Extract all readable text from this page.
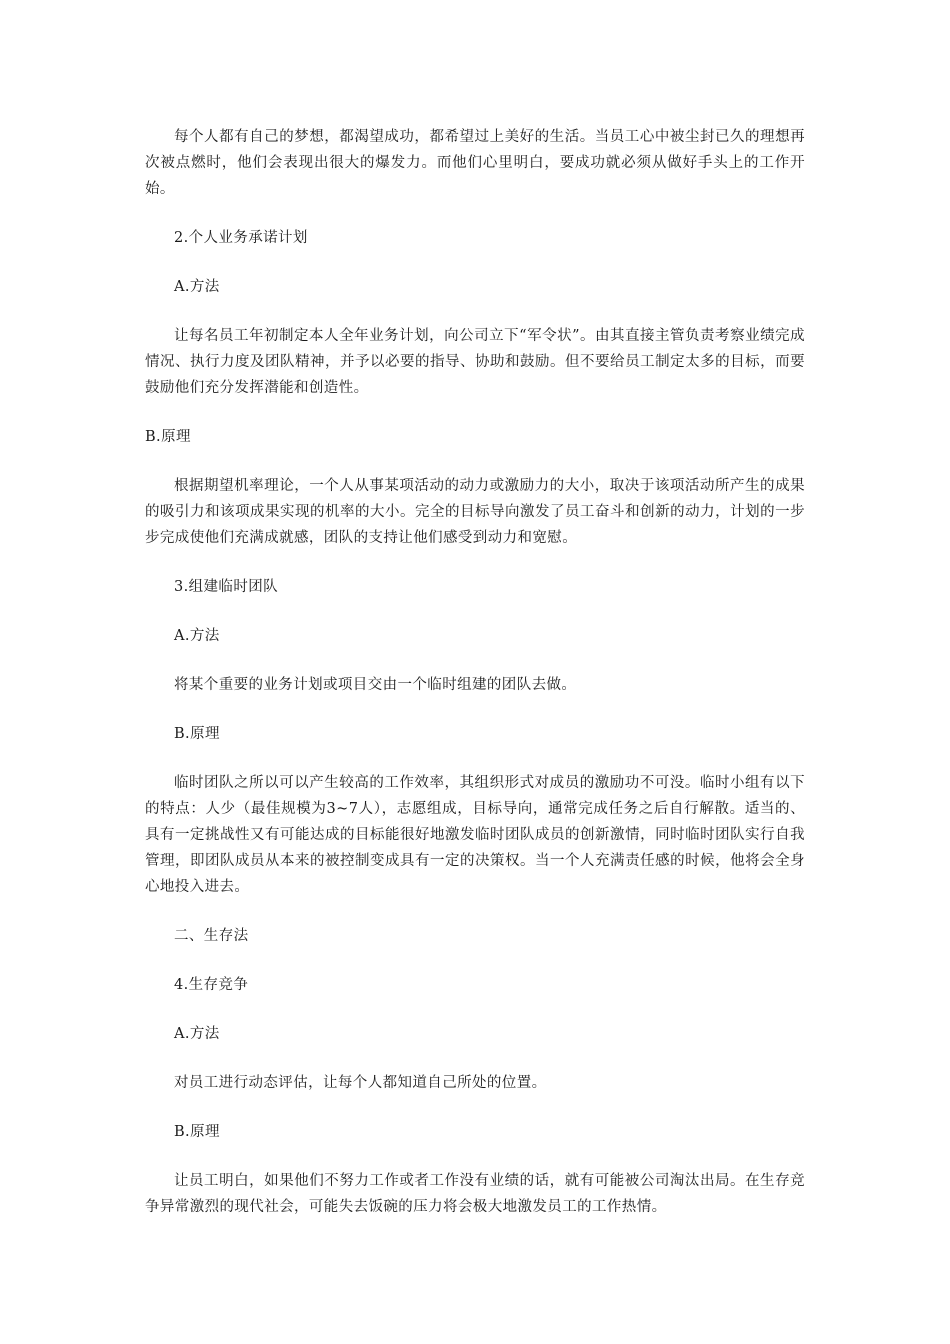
每个人都有自己的梦想，都渴望成功，都希望过上美好的生活。当员工心中被尘封已久的理想再次被点燃时，他们会表现出很大的爆发力。而他们心里明白，要成功就必须从做好手头上的工作开始。

2.个人业务承诺计划

A.方法

让每名员工年初制定本人全年业务计划，向公司立下“军令状”。由其直接主管负责考察业绩完成情况、执行力度及团队精神，并予以必要的指导、协助和鼓励。但不要给员工制定太多的目标，而要鼓励他们充分发挥潜能和创造性。

B.原理

根据期望机率理论，一个人从事某项活动的动力或激励力的大小，取决于该项活动所产生的成果的吸引力和该项成果实现的机率的大小。完全的目标导向激发了员工奋斗和创新的动力，计划的一步步完成使他们充满成就感，团队的支持让他们感受到动力和宽慰。

3.组建临时团队

A.方法

将某个重要的业务计划或项目交由一个临时组建的团队去做。

B.原理

临时团队之所以可以产生较高的工作效率，其组织形式对成员的激励功不可没。临时小组有以下的特点：人少（最佳规模为3~7人），志愿组成，目标导向，通常完成任务之后自行解散。适当的、具有一定挑战性又有可能达成的目标能很好地激发临时团队成员的创新激情，同时临时团队实行自我管理，即团队成员从本来的被控制变成具有一定的决策权。当一个人充满责任感的时候，他将会全身心地投入进去。

二、生存法

4.生存竞争

A.方法

对员工进行动态评估，让每个人都知道自己所处的位置。

B.原理

让员工明白，如果他们不努力工作或者工作没有业绩的话，就有可能被公司淘汰出局。在生存竞争异常激烈的现代社会，可能失去饭碗的压力将会极大地激发员工的工作热情。
